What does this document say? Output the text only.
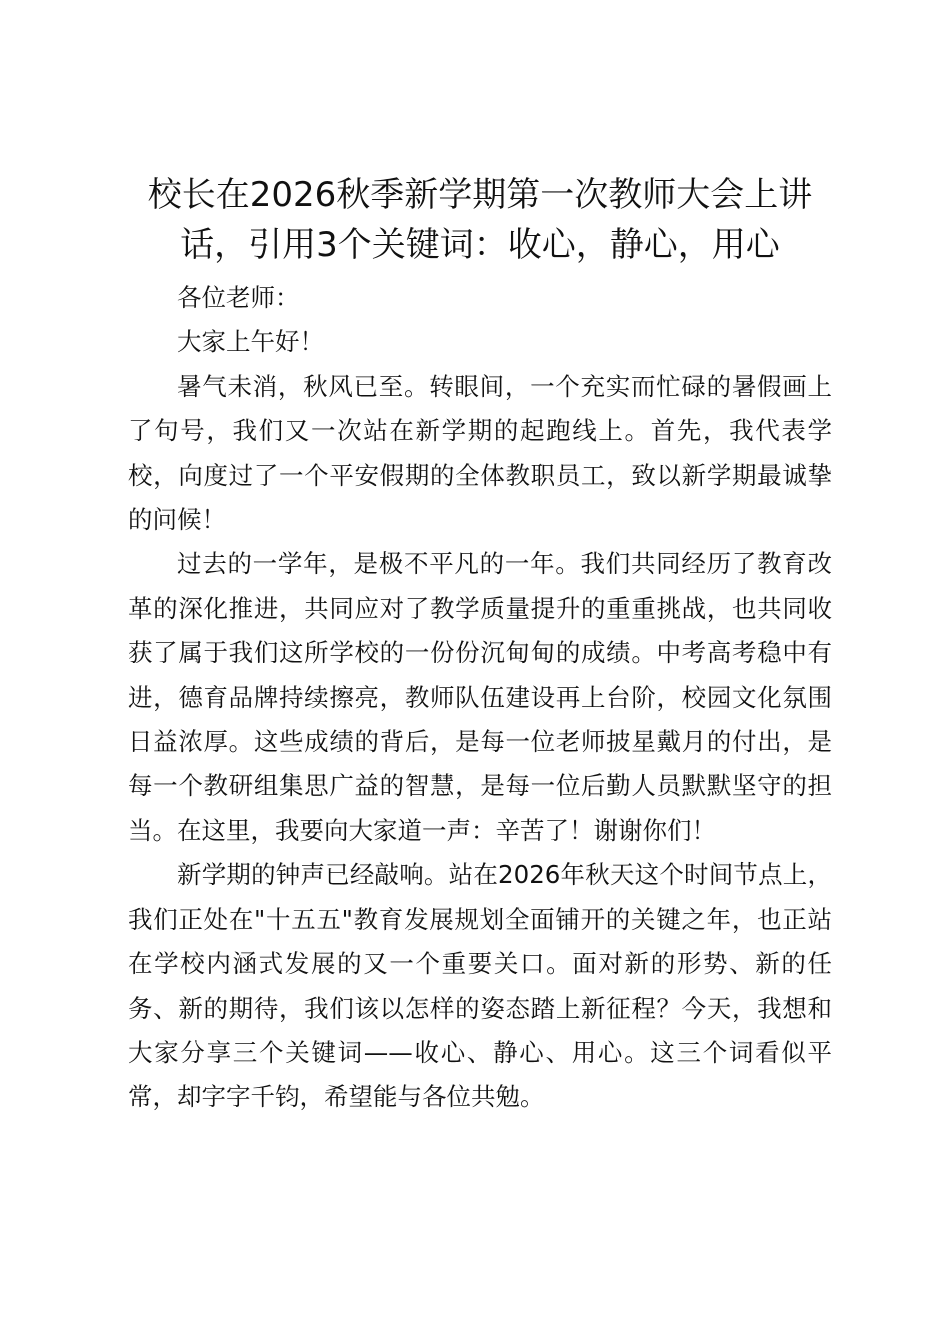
校长在2026秋季新学期第一次教师大会上讲话，引用3个关键词：收心，静心，用心

各位老师：

大家上午好！

暑气未消，秋风已至。转眼间，一个充实而忙碌的暑假画上了句号，我们又一次站在新学期的起跑线上。首先，我代表学校，向度过了一个平安假期的全体教职员工，致以新学期最诚挚的问候！

过去的一学年，是极不平凡的一年。我们共同经历了教育改革的深化推进，共同应对了教学质量提升的重重挑战，也共同收获了属于我们这所学校的一份份沉甸甸的成绩。中考高考稳中有进，德育品牌持续擦亮，教师队伍建设再上台阶，校园文化氛围日益浓厚。这些成绩的背后，是每一位老师披星戴月的付出，是每一个教研组集思广益的智慧，是每一位后勤人员默默坚守的担当。在这里，我要向大家道一声：辛苦了！谢谢你们！

新学期的钟声已经敲响。站在2026年秋天这个时间节点上，我们正处在"十五五"教育发展规划全面铺开的关键之年，也正站在学校内涵式发展的又一个重要关口。面对新的形势、新的任务、新的期待，我们该以怎样的姿态踏上新征程？今天，我想和大家分享三个关键词——收心、静心、用心。这三个词看似平常，却字字千钧，希望能与各位共勉。
